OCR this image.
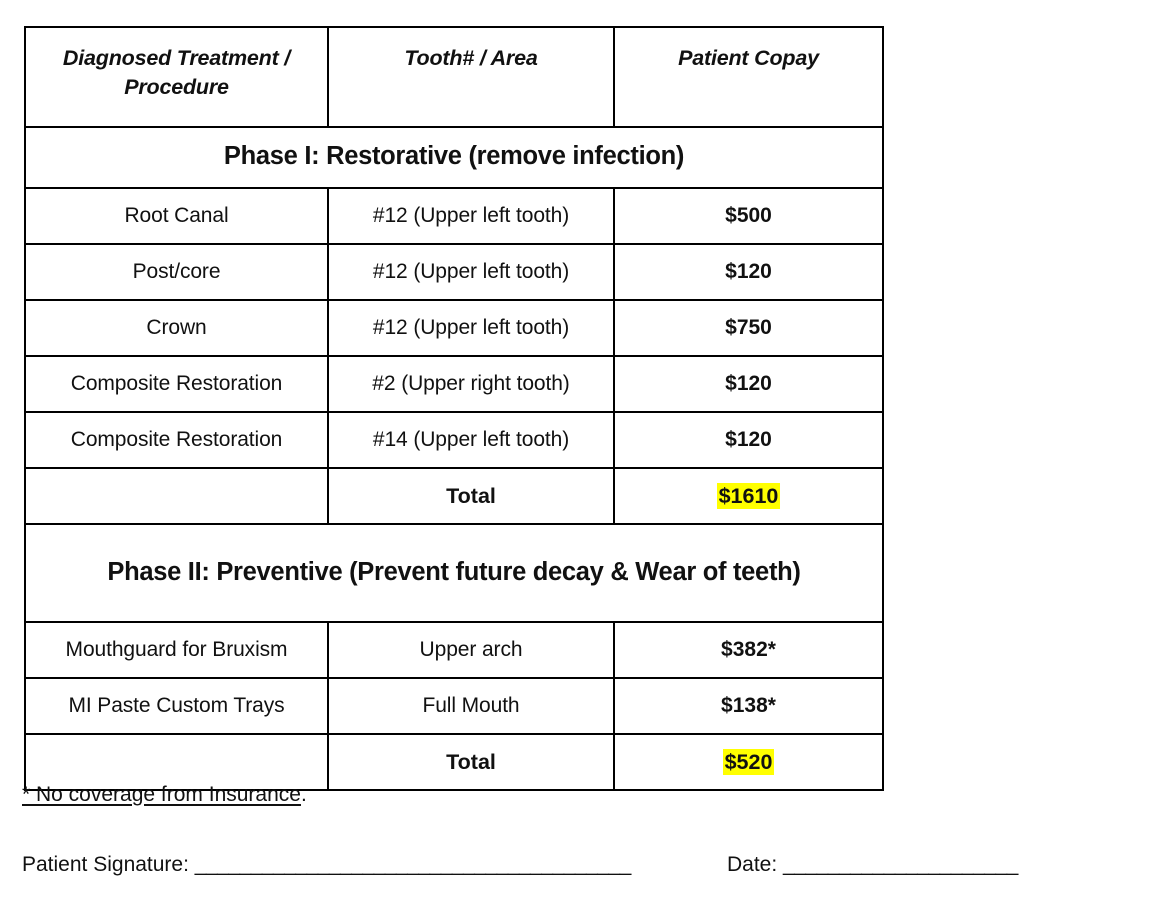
Diagnosed Treatment / Procedure	Tooth# / Area	Patient Copay
Phase I: Restorative (remove infection)		
Root Canal	#12 (Upper left tooth)	$500
Post/core	#12 (Upper left tooth)	$120
Crown	#12 (Upper left tooth)	$750
Composite Restoration	#2 (Upper right tooth)	$120
Composite Restoration	#14 (Upper left tooth)	$120
	Total	$1610
Phase II: Preventive (Prevent future decay & Wear of teeth)		
Mouthguard for Bruxism	Upper arch	$382*
MI Paste Custom Trays	Full Mouth	$138*
	Total	$520
* No coverage from Insurance.
Patient Signature: _______________________________________	Date: _____________________
